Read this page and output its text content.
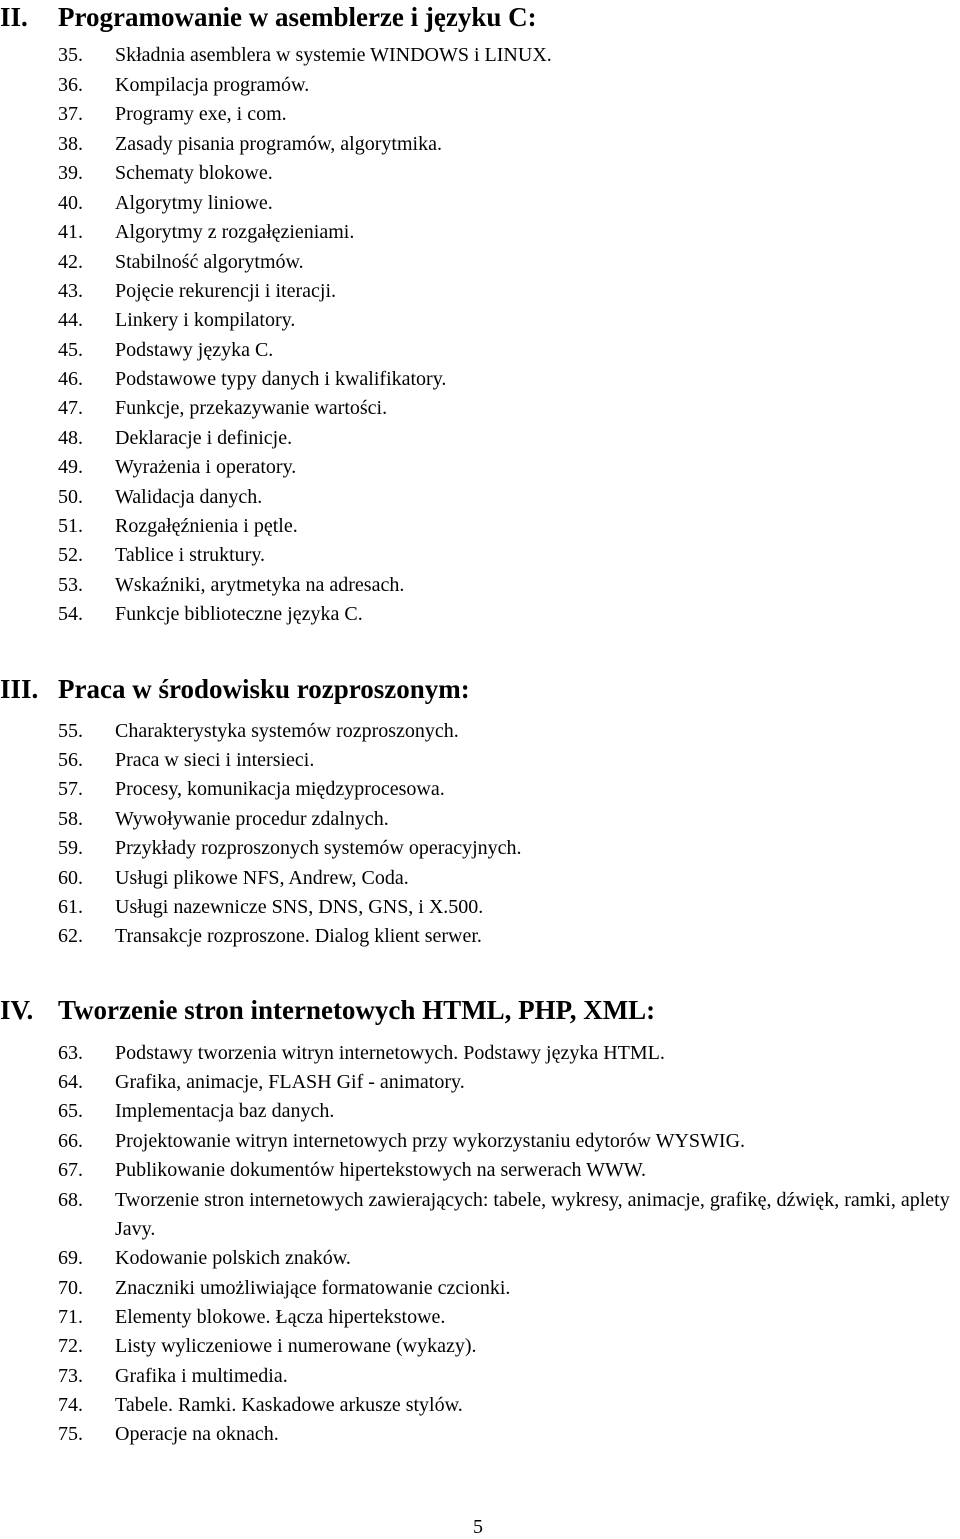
II. Programowanie w asemblerze i języku C:
35. Składnia asemblera w systemie WINDOWS i LINUX.
36. Kompilacja programów.
37. Programy exe, i com.
38. Zasady pisania programów, algorytmika.
39. Schematy blokowe.
40. Algorytmy liniowe.
41. Algorytmy z rozgałęzieniami.
42. Stabilność algorytmów.
43. Pojęcie rekurencji i iteracji.
44. Linkery i kompilatory.
45. Podstawy języka C.
46. Podstawowe typy danych i kwalifikatory.
47. Funkcje, przekazywanie wartości.
48. Deklaracje i definicje.
49. Wyrażenia i operatory.
50. Walidacja danych.
51. Rozgałęźnienia i pętle.
52. Tablice i struktury.
53. Wskaźniki, arytmetyka na adresach.
54. Funkcje biblioteczne języka C.
III. Praca w środowisku rozproszonym:
55. Charakterystyka systemów rozproszonych.
56. Praca w sieci i intersieci.
57. Procesy, komunikacja międzyprocesowa.
58. Wywoływanie procedur zdalnych.
59. Przykłady rozproszonych systemów operacyjnych.
60. Usługi plikowe NFS, Andrew, Coda.
61. Usługi nazewnicze SNS, DNS, GNS, i X.500.
62. Transakcje rozproszone. Dialog klient serwer.
IV. Tworzenie stron internetowych HTML, PHP, XML:
63. Podstawy tworzenia witryn internetowych. Podstawy języka HTML.
64. Grafika, animacje, FLASH Gif - animatory.
65. Implementacja baz danych.
66. Projektowanie witryn internetowych przy wykorzystaniu edytorów WYSWIG.
67. Publikowanie dokumentów hipertekstowych na serwerach WWW.
68. Tworzenie stron internetowych zawierających: tabele, wykresy, animacje, grafikę, dźwięk, ramki, aplety Javy.
69. Kodowanie polskich znaków.
70. Znaczniki umożliwiające formatowanie czcionki.
71. Elementy blokowe. Łącza hipertekstowe.
72. Listy wyliczeniowe i numerowane (wykazy).
73. Grafika i multimedia.
74. Tabele. Ramki. Kaskadowe arkusze stylów.
75. Operacje na oknach.
5
